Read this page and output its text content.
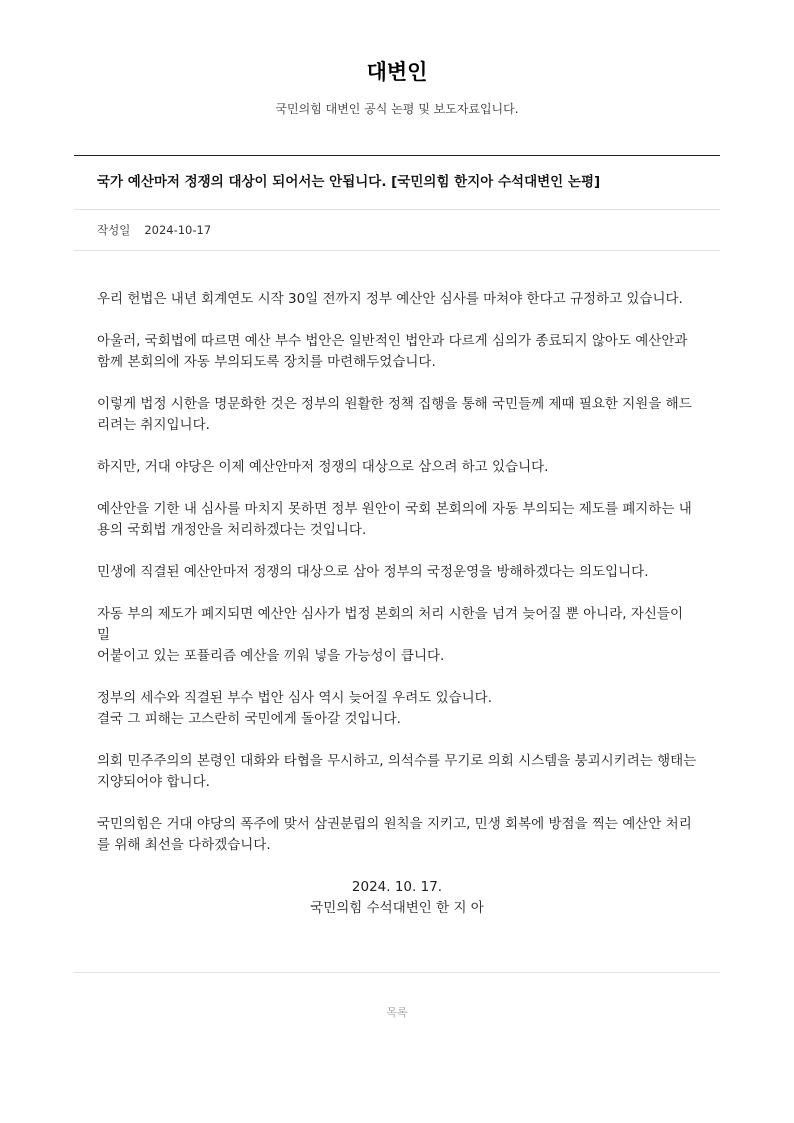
대변인
국민의힘 대변인 공식 논평 및 보도자료입니다.
국가 예산마저 정쟁의 대상이 되어서는 안됩니다. [국민의힘 한지아 수석대변인 논평]
작성일 2024-10-17

우리 헌법은 내년 회계연도 시작 30일 전까지 정부 예산안 심사를 마쳐야 한다고 규정하고 있습니다.

아울러, 국회법에 따르면 예산 부수 법안은 일반적인 법안과 다르게 심의가 종료되지 않아도 예산안과
함께 본회의에 자동 부의되도록 장치를 마련해두었습니다.

이렇게 법정 시한을 명문화한 것은 정부의 원활한 정책 집행을 통해 국민들께 제때 필요한 지원을 해드
리려는 취지입니다.

하지만, 거대 야당은 이제 예산안마저 정쟁의 대상으로 삼으려 하고 있습니다.

예산안을 기한 내 심사를 마치지 못하면 정부 원안이 국회 본회의에 자동 부의되는 제도를 폐지하는 내
용의 국회법 개정안을 처리하겠다는 것입니다.

민생에 직결된 예산안마저 정쟁의 대상으로 삼아 정부의 국정운영을 방해하겠다는 의도입니다.

자동 부의 제도가 폐지되면 예산안 심사가 법정 본회의 처리 시한을 넘겨 늦어질 뿐 아니라, 자신들이 밀
어붙이고 있는 포퓰리즘 예산을 끼워 넣을 가능성이 큽니다.

정부의 세수와 직결된 부수 법안 심사 역시 늦어질 우려도 있습니다.
결국 그 피해는 고스란히 국민에게 돌아갈 것입니다.

의회 민주주의의 본령인 대화와 타협을 무시하고, 의석수를 무기로 의회 시스템을 붕괴시키려는 행태는
지양되어야 합니다.

국민의힘은 거대 야당의 폭주에 맞서 삼권분립의 원칙을 지키고, 민생 회복에 방점을 찍는 예산안 처리
를 위해 최선을 다하겠습니다.

2024. 10. 17.
국민의힘 수석대변인 한 지 아
목록
